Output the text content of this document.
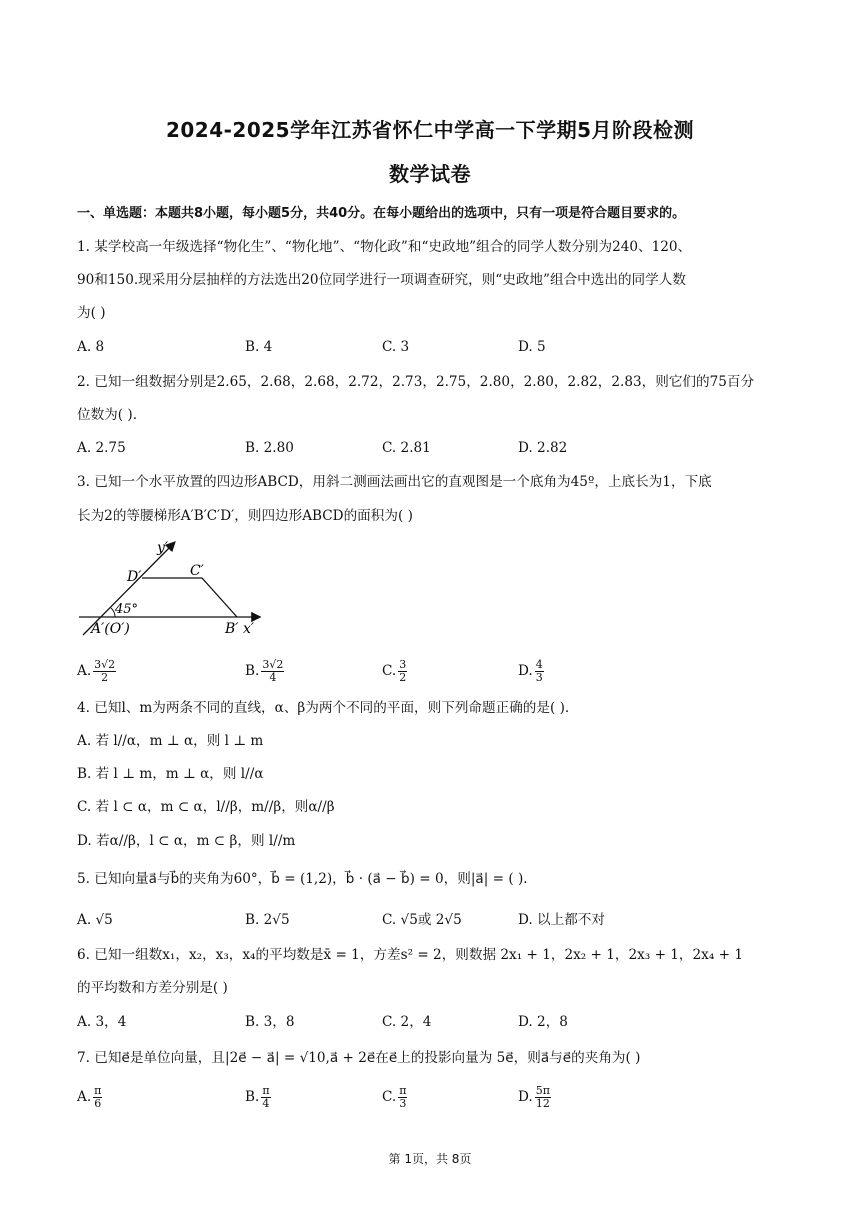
2024-2025学年江苏省怀仁中学高一下学期5月阶段检测
数学试卷
一、单选题：本题共8小题，每小题5分，共40分。在每小题给出的选项中，只有一项是符合题目要求的。
1. 某学校高一年级选择“物化生”、“物化地”、“物化政”和“史政地”组合的同学人数分别为240、120、
90和150.现采用分层抽样的方法选出20位同学进行一项调查研究，则“史政地”组合中选出的同学人数
为( )
A. 8	B. 4	C. 3	D. 5
2. 已知一组数据分别是2.65，2.68，2.68，2.72，2.73，2.75，2.80，2.80，2.82，2.83，则它们的75百分
位数为( ).
A. 2.75	B. 2.80	C. 2.81	D. 2.82
3. 已知一个水平放置的四边形ABCD，用斜二测画法画出它的直观图是一个底角为45º，上底长为1，下底
长为2的等腰梯形A′B′C′D′，则四边形ABCD的面积为( )
y′
D′	C′
45°
A′(O′)	B′ x′
A. $\frac{3√2}{2}$	B. $\frac{3√2}{4}$	C. $\frac{3}{2}$	D. $\frac{4}{3}$
4. 已知l、m为两条不同的直线，α、β为两个不同的平面，则下列命题正确的是( ).
A. 若 l//α，m ⊥ α，则 l ⊥ m
B. 若 l ⊥ m，m ⊥ α，则 l//α
C. 若 l ⊂ α，m ⊂ α，l//β，m//β，则α//β
D. 若α//β，l ⊂ α，m ⊂ β，则 l//m
5. 已知向量a⃗与b⃗的夹角为60°，b⃗ = (1,2)，b⃗ · (a⃗ − b⃗) = 0，则|a⃗| = ( ).
A. √5	B. 2√5	C. √5或 2√5	D. 以上都不对
6. 已知一组数x₁，x₂，x₃，x₄的平均数是x̄ = 1，方差s² = 2，则数据 2x₁ + 1，2x₂ + 1，2x₃ + 1，2x₄ + 1
的平均数和方差分别是( )
A. 3，4	B. 3，8	C. 2，4	D. 2，8
7. 已知e⃗是单位向量，且|2e⃗ − a⃗| = √10,a⃗ + 2e⃗在e⃗上的投影向量为 5e⃗，则a⃗与e⃗的夹角为( )
A. $\frac{\pi}{6}$	B. $\frac{\pi}{4}$	C. $\frac{\pi}{3}$	D. $\frac{5\pi}{12}$
第 1页，共 8页
